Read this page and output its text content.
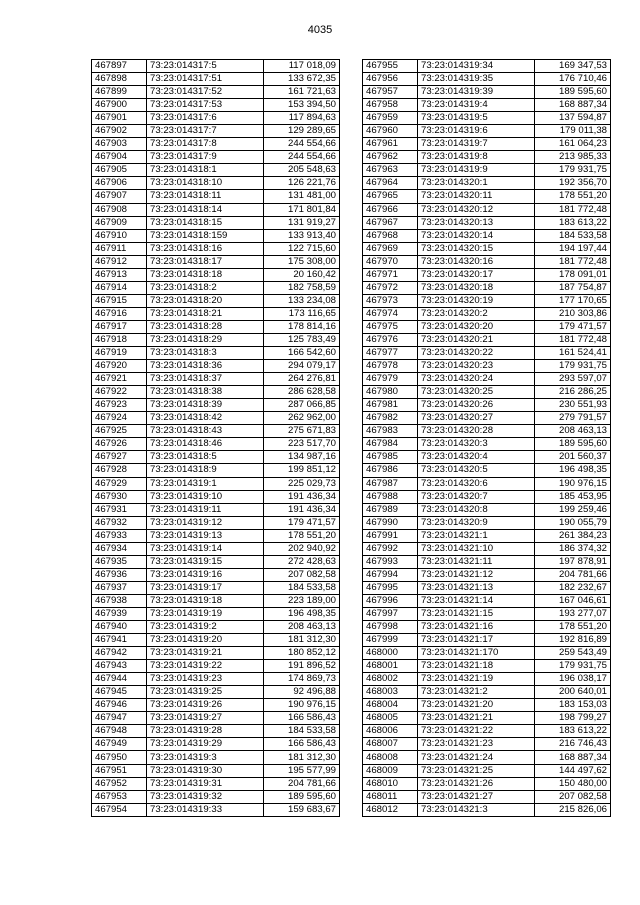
4035
467897	73:23:014317:5	117 018,09
467898	73:23:014317:51	133 672,35
467899	73:23:014317:52	161 721,63
467900	73:23:014317:53	153 394,50
467901	73:23:014317:6	117 894,63
467902	73:23:014317:7	129 289,65
467903	73:23:014317:8	244 554,66
467904	73:23:014317:9	244 554,66
467905	73:23:014318:1	205 548,63
467906	73:23:014318:10	126 221,76
467907	73:23:014318:11	131 481,00
467908	73:23:014318:14	171 801,84
467909	73:23:014318:15	131 919,27
467910	73:23:014318:159	133 913,40
467911	73:23:014318:16	122 715,60
467912	73:23:014318:17	175 308,00
467913	73:23:014318:18	20 160,42
467914	73:23:014318:2	182 758,59
467915	73:23:014318:20	133 234,08
467916	73:23:014318:21	173 116,65
467917	73:23:014318:28	178 814,16
467918	73:23:014318:29	125 783,49
467919	73:23:014318:3	166 542,60
467920	73:23:014318:36	294 079,17
467921	73:23:014318:37	264 276,81
467922	73:23:014318:38	286 628,58
467923	73:23:014318:39	287 066,85
467924	73:23:014318:42	262 962,00
467925	73:23:014318:43	275 671,83
467926	73:23:014318:46	223 517,70
467927	73:23:014318:5	134 987,16
467928	73:23:014318:9	199 851,12
467929	73:23:014319:1	225 029,73
467930	73:23:014319:10	191 436,34
467931	73:23:014319:11	191 436,34
467932	73:23:014319:12	179 471,57
467933	73:23:014319:13	178 551,20
467934	73:23:014319:14	202 940,92
467935	73:23:014319:15	272 428,63
467936	73:23:014319:16	207 082,58
467937	73:23:014319:17	184 533,58
467938	73:23:014319:18	223 189,00
467939	73:23:014319:19	196 498,35
467940	73:23:014319:2	208 463,13
467941	73:23:014319:20	181 312,30
467942	73:23:014319:21	180 852,12
467943	73:23:014319:22	191 896,52
467944	73:23:014319:23	174 869,73
467945	73:23:014319:25	92 496,88
467946	73:23:014319:26	190 976,15
467947	73:23:014319:27	166 586,43
467948	73:23:014319:28	184 533,58
467949	73:23:014319:29	166 586,43
467950	73:23:014319:3	181 312,30
467951	73:23:014319:30	195 577,99
467952	73:23:014319:31	204 781,66
467953	73:23:014319:32	189 595,60
467954	73:23:014319:33	159 683,67
467955	73:23:014319:34	169 347,53
467956	73:23:014319:35	176 710,46
467957	73:23:014319:39	189 595,60
467958	73:23:014319:4	168 887,34
467959	73:23:014319:5	137 594,87
467960	73:23:014319:6	179 011,38
467961	73:23:014319:7	161 064,23
467962	73:23:014319:8	213 985,33
467963	73:23:014319:9	179 931,75
467964	73:23:014320:1	192 356,70
467965	73:23:014320:11	178 551,20
467966	73:23:014320:12	181 772,48
467967	73:23:014320:13	183 613,22
467968	73:23:014320:14	184 533,58
467969	73:23:014320:15	194 197,44
467970	73:23:014320:16	181 772,48
467971	73:23:014320:17	178 091,01
467972	73:23:014320:18	187 754,87
467973	73:23:014320:19	177 170,65
467974	73:23:014320:2	210 303,86
467975	73:23:014320:20	179 471,57
467976	73:23:014320:21	181 772,48
467977	73:23:014320:22	161 524,41
467978	73:23:014320:23	179 931,75
467979	73:23:014320:24	293 597,07
467980	73:23:014320:25	216 286,25
467981	73:23:014320:26	230 551,93
467982	73:23:014320:27	279 791,57
467983	73:23:014320:28	208 463,13
467984	73:23:014320:3	189 595,60
467985	73:23:014320:4	201 560,37
467986	73:23:014320:5	196 498,35
467987	73:23:014320:6	190 976,15
467988	73:23:014320:7	185 453,95
467989	73:23:014320:8	199 259,46
467990	73:23:014320:9	190 055,79
467991	73:23:014321:1	261 384,23
467992	73:23:014321:10	186 374,32
467993	73:23:014321:11	197 878,91
467994	73:23:014321:12	204 781,66
467995	73:23:014321:13	182 232,67
467996	73:23:014321:14	167 046,61
467997	73:23:014321:15	193 277,07
467998	73:23:014321:16	178 551,20
467999	73:23:014321:17	192 816,89
468000	73:23:014321:170	259 543,49
468001	73:23:014321:18	179 931,75
468002	73:23:014321:19	196 038,17
468003	73:23:014321:2	200 640,01
468004	73:23:014321:20	183 153,03
468005	73:23:014321:21	198 799,27
468006	73:23:014321:22	183 613,22
468007	73:23:014321:23	216 746,43
468008	73:23:014321:24	168 887,34
468009	73:23:014321:25	144 497,62
468010	73:23:014321:26	150 480,00
468011	73:23:014321:27	207 082,58
468012	73:23:014321:3	215 826,06
